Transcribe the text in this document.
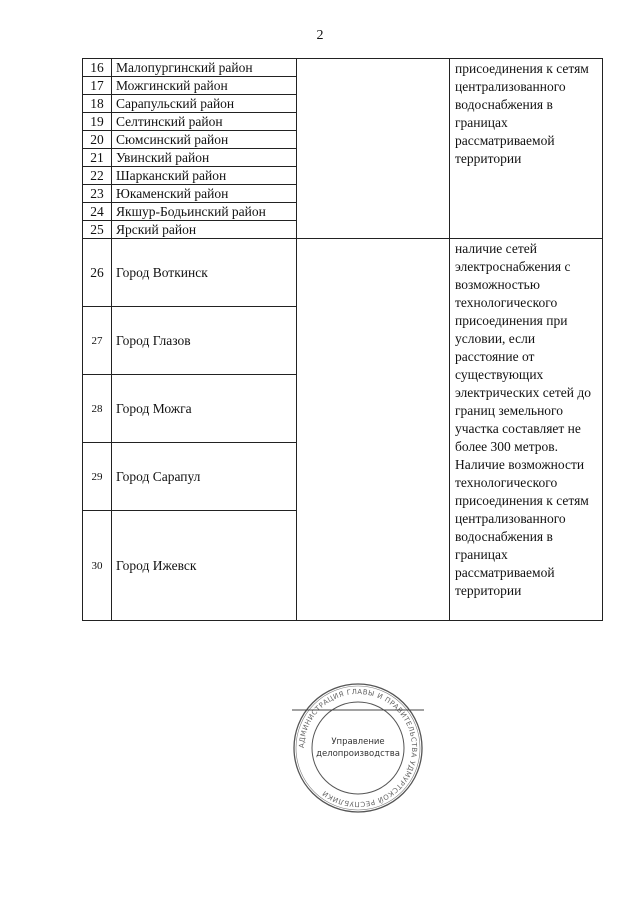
2
16	Малопургинский район		присоединения к сетям централизованного водоснабжения в границах рассматриваемой территории
17	Можгинский район		
18	Сарапульский район		
19	Селтинский район		
20	Сюмсинский район		
21	Увинский район		
22	Шарканский район		
23	Юкаменский район		
24	Якшур-Бодьинский район		
25	Ярский район		
26	Город Воткинск		наличие сетей электроснабжения с возможностью технологического присоединения при условии, если расстояние от существующих электрических сетей до границ земельного участка составляет не более 300 метров. Наличие возможности технологического присоединения к сетям централизованного водоснабжения в границах рассматриваемой территории
27	Город Глазов		
28	Город Можга		
29	Город Сарапул		
30	Город Ижевск		
АДМИНИСТРАЦИЯ ГЛАВЫ И ПРАВИТЕЛЬСТВА УДМУРТСКОЙ РЕСПУБЛИКИ
Управление
делопроизводства
